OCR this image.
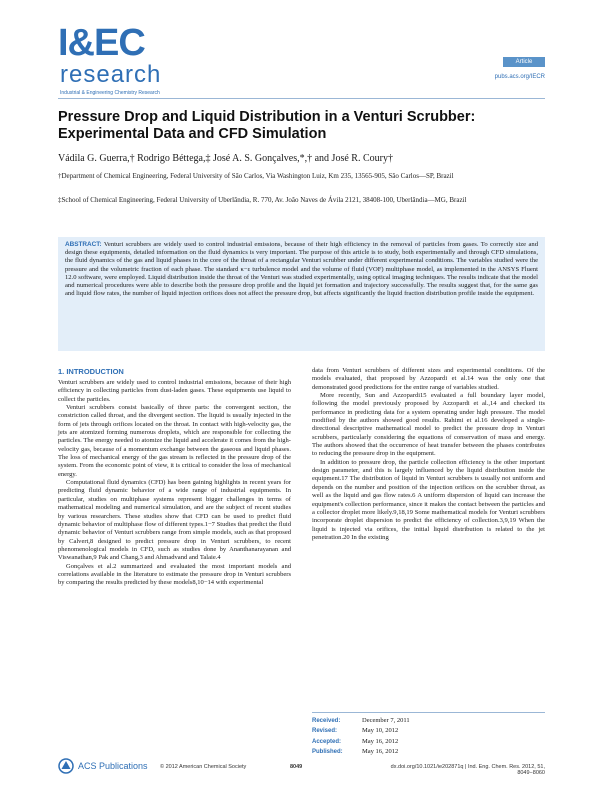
I&EC
research
Industrial & Engineering Chemistry Research
Article
pubs.acs.org/IECR
Pressure Drop and Liquid Distribution in a Venturi Scrubber: Experimental Data and CFD Simulation
Vádila G. Guerra,† Rodrigo Béttega,‡ José A. S. Gonçalves,*,† and José R. Coury†
†Department of Chemical Engineering, Federal University of São Carlos, Via Washington Luiz, Km 235, 13565-905, São Carlos—SP, Brazil
‡School of Chemical Engineering, Federal University of Uberlândia, R. 770, Av. João Naves de Ávila 2121, 38408-100, Uberlândia—MG, Brazil
ABSTRACT: Venturi scrubbers are widely used to control industrial emissions, because of their high efficiency in the removal of particles from gases. To correctly size and design these equipments, detailed information on the fluid dynamics is very important. The purpose of this article is to study, both experimentally and through CFD simulations, the fluid dynamics of the gas and liquid phases in the core of the throat of a rectangular Venturi scrubber under different experimental conditions. The variables studied were the pressure and the volumetric fraction of each phase. The standard κ−ε turbulence model and the volume of fluid (VOF) multiphase model, as implemented in the ANSYS Fluent 12.0 software, were employed. Liquid distribution inside the throat of the Venturi was studied experimentally, using optical imaging techniques. The results indicate that the model and numerical procedures were able to describe both the pressure drop profile and the liquid jet formation and trajectory successfully. The results suggest that, for the same gas and liquid flow rates, the number of liquid injection orifices does not affect the pressure drop, but affects significantly the liquid fraction distribution profile inside the equipment.
1. INTRODUCTION

Venturi scrubbers are widely used to control industrial emissions, because of their high efficiency in collecting particles from dust-laden gases. These equipments use liquid to collect the particles.

Venturi scrubbers consist basically of three parts: the convergent section, the constriction called throat, and the divergent section. The liquid is usually injected in the form of jets through orifices located on the throat. In contact with high-velocity gas, the jets are atomized forming numerous droplets, which are responsible for collecting the particles. The energy needed to atomize the liquid and accelerate it comes from the high-velocity gas, because of a momentum exchange between the gaseous and liquid phases. The loss of mechanical energy of the gas stream is reflected in the pressure drop of the system. From the economic point of view, it is critical to consider the loss of mechanical energy.

Computational fluid dynamics (CFD) has been gaining highlights in recent years for predicting fluid dynamic behavior of a wide range of industrial equipments. In particular, studies on multiphase systems represent bigger challenges in terms of mathematical modeling and numerical simulation, and are the subject of recent studies by various researchers. These studies show that CFD can be used to predict fluid dynamic behavior of multiphase flow of different types.1−7 Studies that predict the fluid dynamic behavior of Venturi scrubbers range from simple models, such as that proposed by Calvert,8 designed to predict pressure drop in Venturi scrubbers, to recent phenomenological models in CFD, such as studies done by Ananthanarayanan and Viswanathan,9 Pak and Chang,3 and Ahmadvand and Talaie.4

Gonçalves et al.2 summarized and evaluated the most important models and correlations available in the literature to estimate the pressure drop in Venturi scrubbers by comparing the results predicted by these models8,10−14 with experimental

data from Venturi scrubbers of different sizes and experimental conditions. Of the models evaluated, that proposed by Azzopardi et al.14 was the only one that demonstrated good predictions for the entire range of variables studied.

More recently, Sun and Azzopardi15 evaluated a full boundary layer model, following the model previously proposed by Azzopardi et al.,14 and checked its performance in predicting data for a system operating under high pressure. The model modified by the authors showed good results. Rahimi et al.16 developed a single-directional descriptive mathematical model to predict the pressure drop in Venturi scrubbers, particularly considering the equations of conservation of mass and energy. The authors showed that the occurrence of heat transfer between the phases contributes to reducing the pressure drop in the equipment.

In addition to pressure drop, the particle collection efficiency is the other important design parameter, and this is largely influenced by the liquid distribution inside the equipment.17 The distribution of liquid in Venturi scrubbers is usually not uniform and depends on the number and position of the injection orifices on the scrubber throat, as well as the liquid and gas flow rates.6 A uniform dispersion of liquid can increase the equipment's collection performance, since it makes the contact between the particles and a collector droplet more likely.9,18,19 Some mathematical models for Venturi scrubbers incorporate droplet dispersion to predict the efficiency of collection.3,9,19 When the liquid is injected via orifices, the initial liquid distribution is related to the jet penetration.20 In the existing

Received:	December 7, 2011
Revised:	May 10, 2012
Accepted:	May 16, 2012
Published:	May 16, 2012
ACS Publications © 2012 American Chemical Society	8049	dx.doi.org/10.1021/ie202871q | Ind. Eng. Chem. Res. 2012, 51, 8049−8060
